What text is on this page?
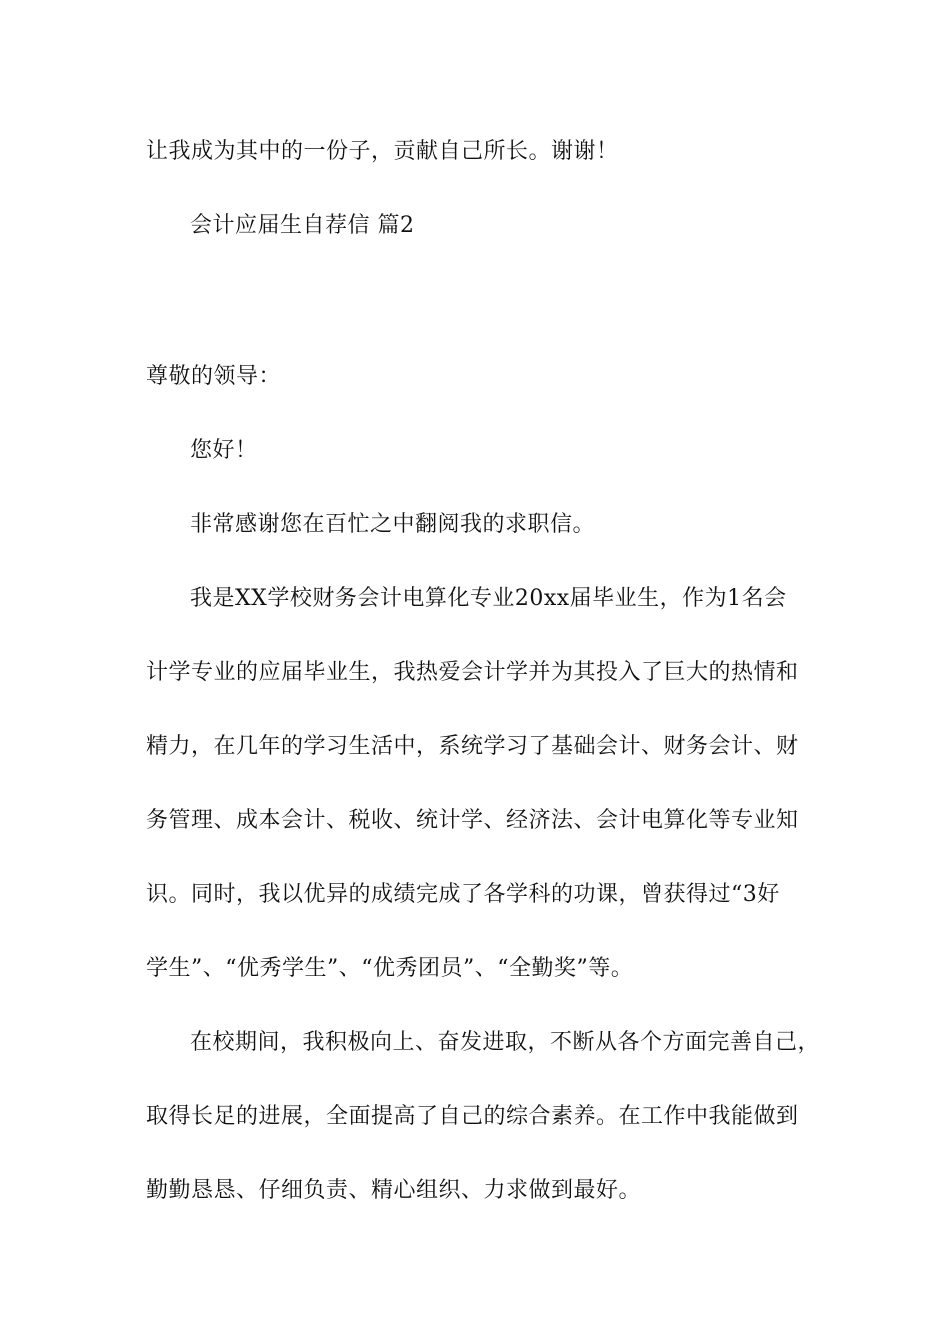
让我成为其中的一份子，贡献自己所长。谢谢！

会计应届生自荐信 篇2

尊敬的领导：

您好！

非常感谢您在百忙之中翻阅我的求职信。

我是XX学校财务会计电算化专业20xx届毕业生，作为1名会

计学专业的应届毕业生，我热爱会计学并为其投入了巨大的热情和

精力，在几年的学习生活中，系统学习了基础会计、财务会计、财

务管理、成本会计、税收、统计学、经济法、会计电算化等专业知

识。同时，我以优异的成绩完成了各学科的功课，曾获得过“3好

学生”、“优秀学生”、“优秀团员”、“全勤奖”等。

在校期间，我积极向上、奋发进取，不断从各个方面完善自己，

取得长足的进展，全面提高了自己的综合素养。在工作中我能做到

勤勤恳恳、仔细负责、精心组织、力求做到最好。
